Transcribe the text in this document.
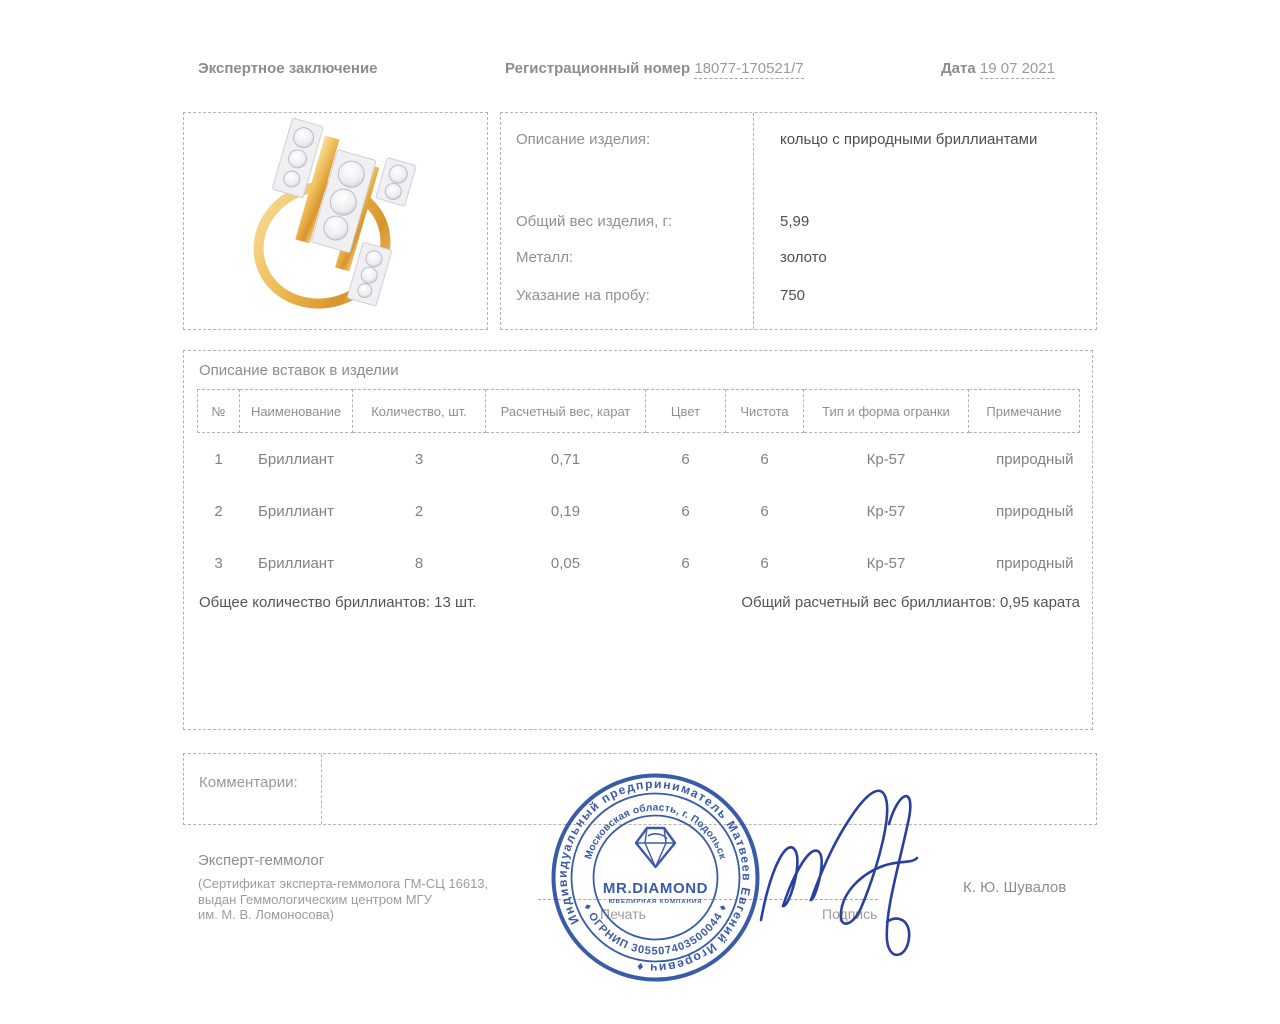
Экспертное заключение	Регистрационный номер 18077-170521/7	Дата 19 07 2021
Описание изделия:	кольцо с природными бриллиантами
Общий вес изделия, г:	5,99
Металл:	золото
Указание на пробу:	750
Описание вставок в изделии
№	Наименование	Количество, шт.	Расчетный вес, карат	Цвет	Чистота	Тип и форма огранки	Примечание
1	Бриллиант	3	0,71	6	6	Кр-57	природный
2	Бриллиант	2	0,19	6	6	Кр-57	природный
3	Бриллиант	8	0,05	6	6	Кр-57	природный
Общее количество бриллиантов: 13 шт.	Общий расчетный вес бриллиантов: 0,95 карата
Комментарии:

Эксперт-геммолог

(Сертификат эксперта-геммолога ГМ-СЦ 16613,
выдан Геммологическим центром МГУ
им. М. В. Ломоносова)	Печать	Подпись
К. Ю. Шувалов
Индивидуальный предприниматель Матвеев Евгений Игоревич ♦
Московская область, г. Подольск
♦ ОГРНИП 305507403500044 ♦
MR.DIAMOND
ЮВЕЛИРНАЯ КОМПАНИЯ
